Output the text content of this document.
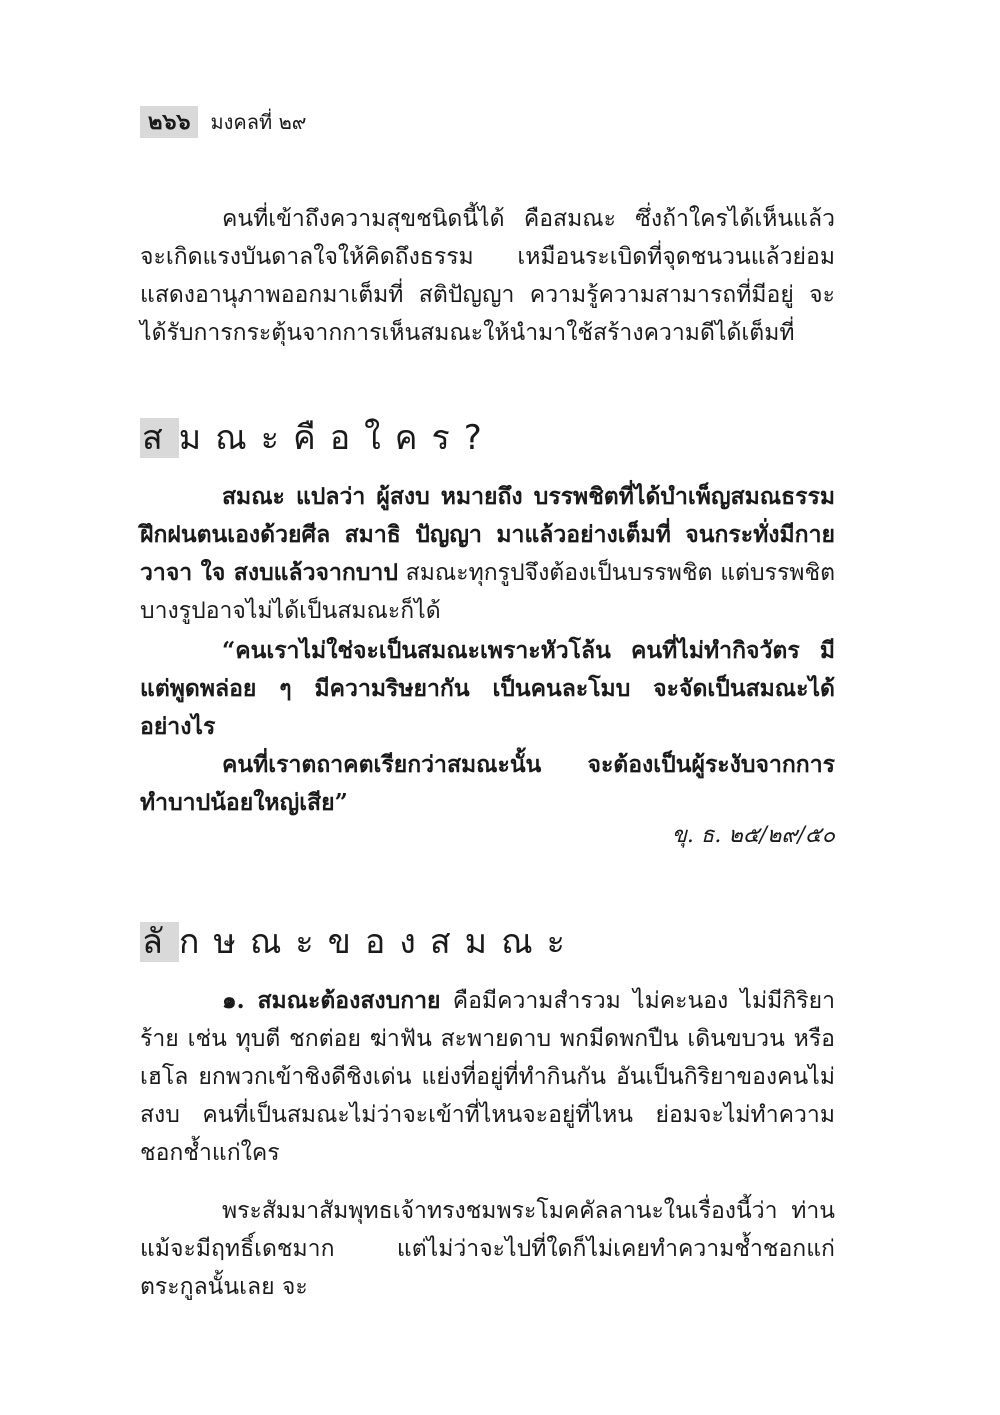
๒๖๖	มงคลที่ ๒๙

คนที่เข้าถึงความสุขชนิดนี้ได้ คือสมณะ ซึ่งถ้าใครได้เห็นแล้วจะเกิดแรงบันดาลใจให้คิดถึงธรรม เหมือนระเบิดที่จุดชนวนแล้วย่อมแสดงอานุภาพออกมาเต็มที่ สติปัญญา ความรู้ความสามารถที่มีอยู่ จะได้รับการกระตุ้นจากการเห็นสมณะให้นำมาใช้สร้างความดีได้เต็มที่

สมณะคือใคร?

สมณะ แปลว่า ผู้สงบ หมายถึง บรรพชิตที่ได้บำเพ็ญสมณธรรม ฝึกฝนตนเองด้วยศีล สมาธิ ปัญญา มาแล้วอย่างเต็มที่ จนกระทั่งมีกาย วาจา ใจ สงบแล้วจากบาป สมณะทุกรูปจึงต้องเป็นบรรพชิต แต่บรรพชิตบางรูปอาจไม่ได้เป็นสมณะก็ได้

“คนเราไม่ใช่จะเป็นสมณะเพราะหัวโล้น คนที่ไม่ทำกิจวัตร มีแต่พูดพล่อย ๆ มีความริษยากัน เป็นคนละโมบ จะจัดเป็นสมณะได้อย่างไร

คนที่เราตถาคตเรียกว่าสมณะนั้น จะต้องเป็นผู้ระงับจากการทำบาปน้อยใหญ่เสีย”

ขุ. ธ. ๒๕/๒๙/๕๐
ลักษณะของสมณะ

๑. สมณะต้องสงบกาย คือมีความสำรวม ไม่คะนอง ไม่มีกิริยาร้าย เช่น ทุบตี ชกต่อย ฆ่าฟัน สะพายดาบ พกมีดพกปืน เดินขบวน หรือเฮโล ยกพวกเข้าชิงดีชิงเด่น แย่งที่อยู่ที่ทำกินกัน อันเป็นกิริยาของคนไม่สงบ คนที่เป็นสมณะไม่ว่าจะเข้าที่ไหนจะอยู่ที่ไหน ย่อมจะไม่ทำความชอกช้ำแก่ใคร

พระสัมมาสัมพุทธเจ้าทรงชมพระโมคคัลลานะในเรื่องนี้ว่า ท่านแม้จะมีฤทธิ์เดชมาก แต่ไม่ว่าจะไปที่ใดก็ไม่เคยทำความช้ำชอกแก่ตระกูลนั้นเลย จะ
